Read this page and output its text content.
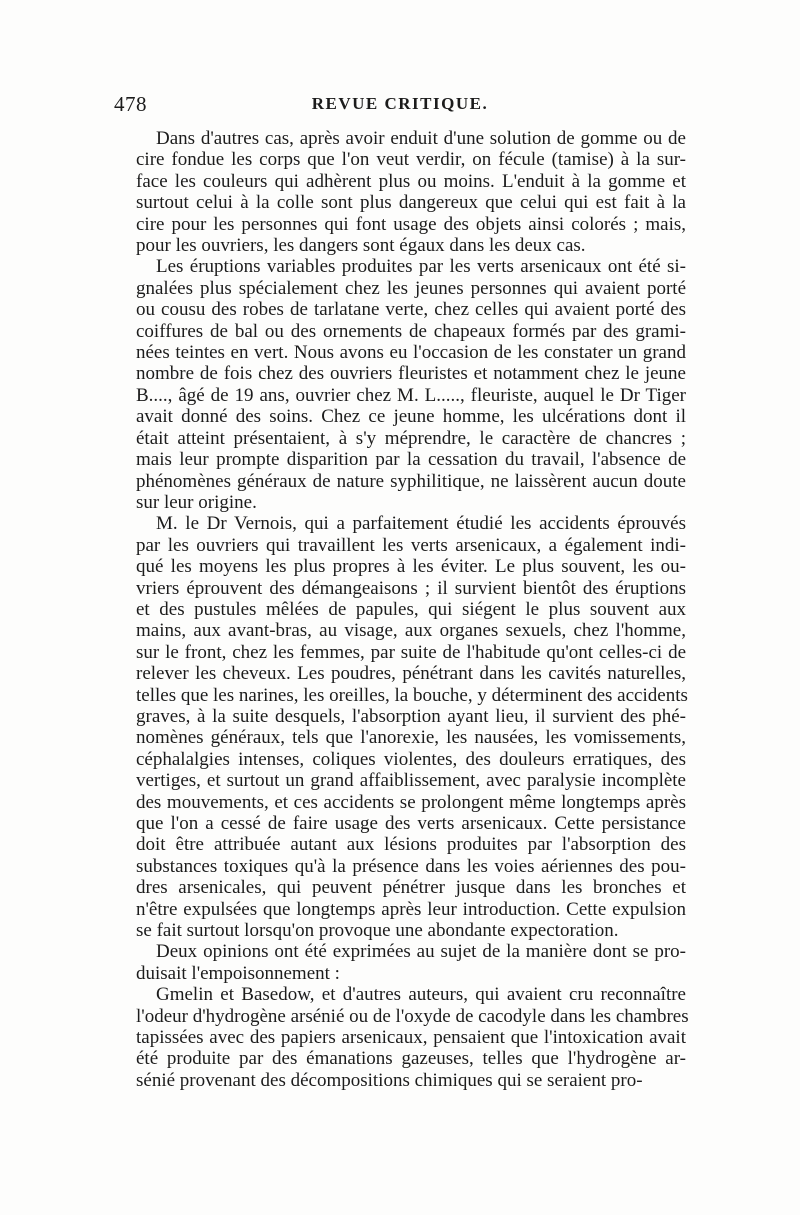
478	REVUE CRITIQUE.

Dans d'autres cas, après avoir enduit d'une solution de gomme ou de
cire fondue les corps que l'on veut verdir, on fécule (tamise) à la sur-
face les couleurs qui adhèrent plus ou moins. L'enduit à la gomme et
surtout celui à la colle sont plus dangereux que celui qui est fait à la
cire pour les personnes qui font usage des objets ainsi colorés ; mais,
pour les ouvriers, les dangers sont égaux dans les deux cas.

Les éruptions variables produites par les verts arsenicaux ont été si-
gnalées plus spécialement chez les jeunes personnes qui avaient porté
ou cousu des robes de tarlatane verte, chez celles qui avaient porté des
coiffures de bal ou des ornements de chapeaux formés par des grami-
nées teintes en vert. Nous avons eu l'occasion de les constater un grand
nombre de fois chez des ouvriers fleuristes et notamment chez le jeune
B...., âgé de 19 ans, ouvrier chez M. L....., fleuriste, auquel le Dr Tiger
avait donné des soins. Chez ce jeune homme, les ulcérations dont il
était atteint présentaient, à s'y méprendre, le caractère de chancres ;
mais leur prompte disparition par la cessation du travail, l'absence de
phénomènes généraux de nature syphilitique, ne laissèrent aucun doute
sur leur origine.

M. le Dr Vernois, qui a parfaitement étudié les accidents éprouvés
par les ouvriers qui travaillent les verts arsenicaux, a également indi-
qué les moyens les plus propres à les éviter. Le plus souvent, les ou-
vriers éprouvent des démangeaisons ; il survient bientôt des éruptions
et des pustules mêlées de papules, qui siégent le plus souvent aux
mains, aux avant-bras, au visage, aux organes sexuels, chez l'homme,
sur le front, chez les femmes, par suite de l'habitude qu'ont celles-ci de
relever les cheveux. Les poudres, pénétrant dans les cavités naturelles,
telles que les narines, les oreilles, la bouche, y déterminent des accidents
graves, à la suite desquels, l'absorption ayant lieu, il survient des phé-
nomènes généraux, tels que l'anorexie, les nausées, les vomissements,
céphalalgies intenses, coliques violentes, des douleurs erratiques, des
vertiges, et surtout un grand affaiblissement, avec paralysie incomplète
des mouvements, et ces accidents se prolongent même longtemps après
que l'on a cessé de faire usage des verts arsenicaux. Cette persistance
doit être attribuée autant aux lésions produites par l'absorption des
substances toxiques qu'à la présence dans les voies aériennes des pou-
dres arsenicales, qui peuvent pénétrer jusque dans les bronches et
n'être expulsées que longtemps après leur introduction. Cette expulsion
se fait surtout lorsqu'on provoque une abondante expectoration.

Deux opinions ont été exprimées au sujet de la manière dont se pro-
duisait l'empoisonnement :

Gmelin et Basedow, et d'autres auteurs, qui avaient cru reconnaître
l'odeur d'hydrogène arsénié ou de l'oxyde de cacodyle dans les chambres
tapissées avec des papiers arsenicaux, pensaient que l'intoxication avait
été produite par des émanations gazeuses, telles que l'hydrogène ar-
sénié provenant des décompositions chimiques qui se seraient pro-
